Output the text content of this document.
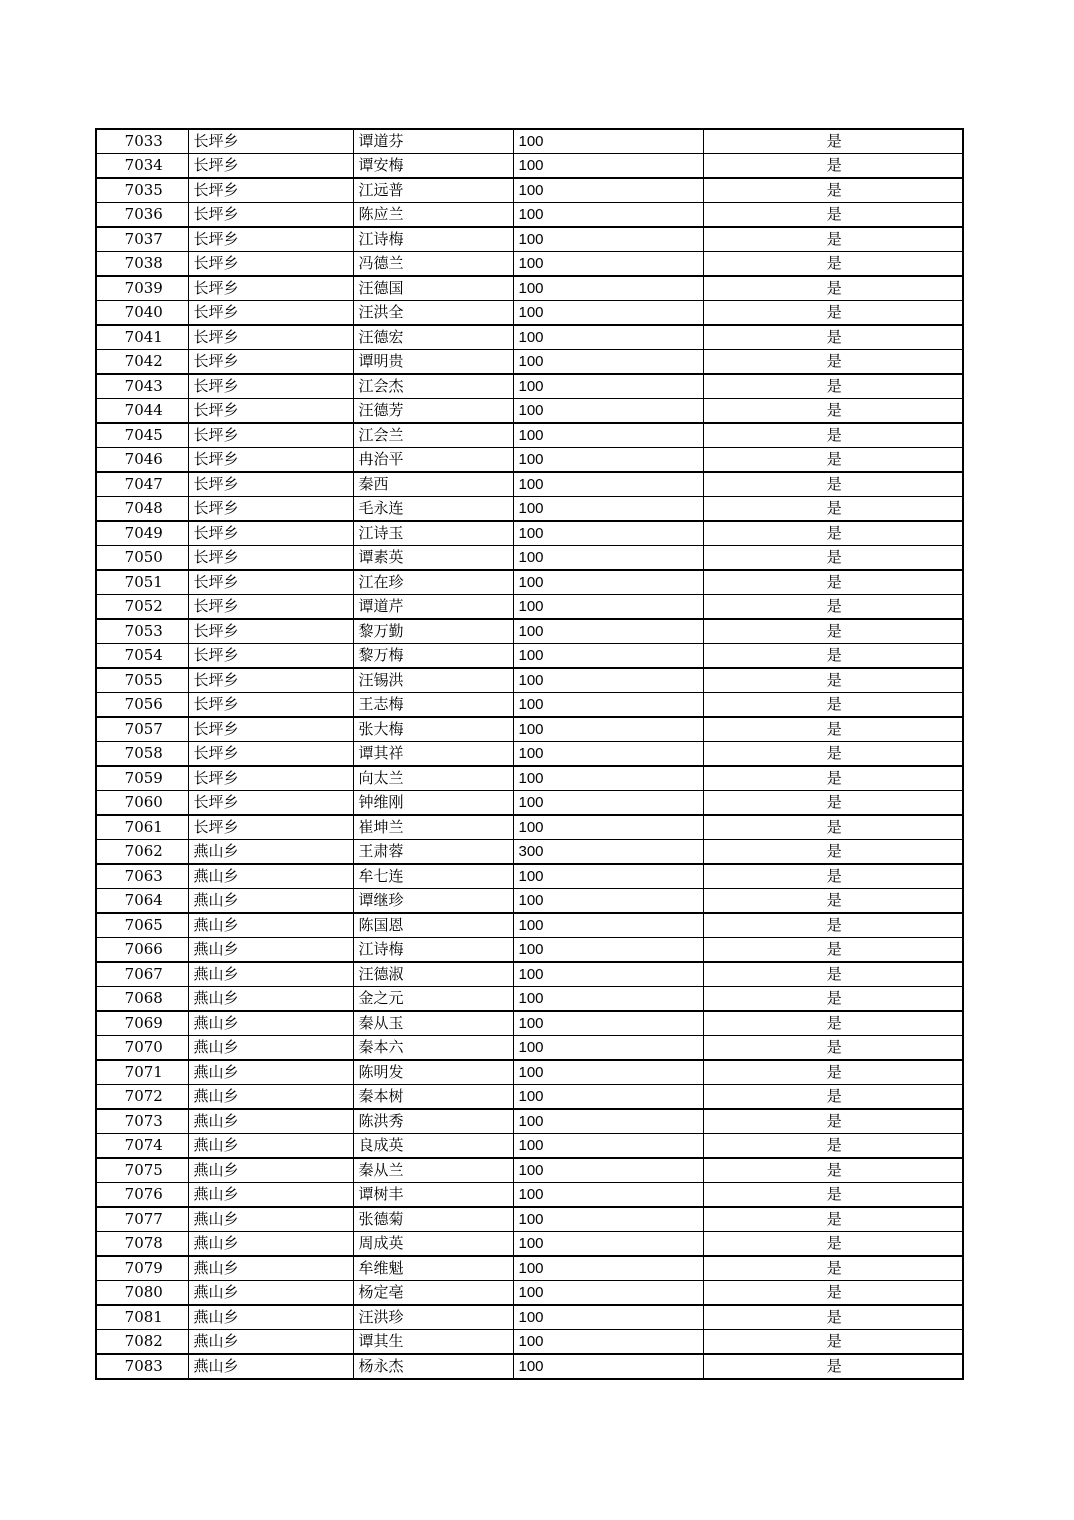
7033	长坪乡	谭道芬	100	是
7034	长坪乡	谭安梅	100	是
7035	长坪乡	江远普	100	是
7036	长坪乡	陈应兰	100	是
7037	长坪乡	江诗梅	100	是
7038	长坪乡	冯德兰	100	是
7039	长坪乡	汪德国	100	是
7040	长坪乡	汪洪全	100	是
7041	长坪乡	汪德宏	100	是
7042	长坪乡	谭明贵	100	是
7043	长坪乡	江会杰	100	是
7044	长坪乡	汪德芳	100	是
7045	长坪乡	江会兰	100	是
7046	长坪乡	冉治平	100	是
7047	长坪乡	秦西	100	是
7048	长坪乡	毛永连	100	是
7049	长坪乡	江诗玉	100	是
7050	长坪乡	谭素英	100	是
7051	长坪乡	江在珍	100	是
7052	长坪乡	谭道芹	100	是
7053	长坪乡	黎万勤	100	是
7054	长坪乡	黎万梅	100	是
7055	长坪乡	汪锡洪	100	是
7056	长坪乡	王志梅	100	是
7057	长坪乡	张大梅	100	是
7058	长坪乡	谭其祥	100	是
7059	长坪乡	向太兰	100	是
7060	长坪乡	钟维刚	100	是
7061	长坪乡	崔坤兰	100	是
7062	燕山乡	王肃蓉	300	是
7063	燕山乡	牟七连	100	是
7064	燕山乡	谭继珍	100	是
7065	燕山乡	陈国恩	100	是
7066	燕山乡	江诗梅	100	是
7067	燕山乡	汪德淑	100	是
7068	燕山乡	金之元	100	是
7069	燕山乡	秦从玉	100	是
7070	燕山乡	秦本六	100	是
7071	燕山乡	陈明发	100	是
7072	燕山乡	秦本树	100	是
7073	燕山乡	陈洪秀	100	是
7074	燕山乡	良成英	100	是
7075	燕山乡	秦从兰	100	是
7076	燕山乡	谭树丰	100	是
7077	燕山乡	张德菊	100	是
7078	燕山乡	周成英	100	是
7079	燕山乡	牟维魁	100	是
7080	燕山乡	杨定亳	100	是
7081	燕山乡	汪洪珍	100	是
7082	燕山乡	谭其生	100	是
7083	燕山乡	杨永杰	100	是
